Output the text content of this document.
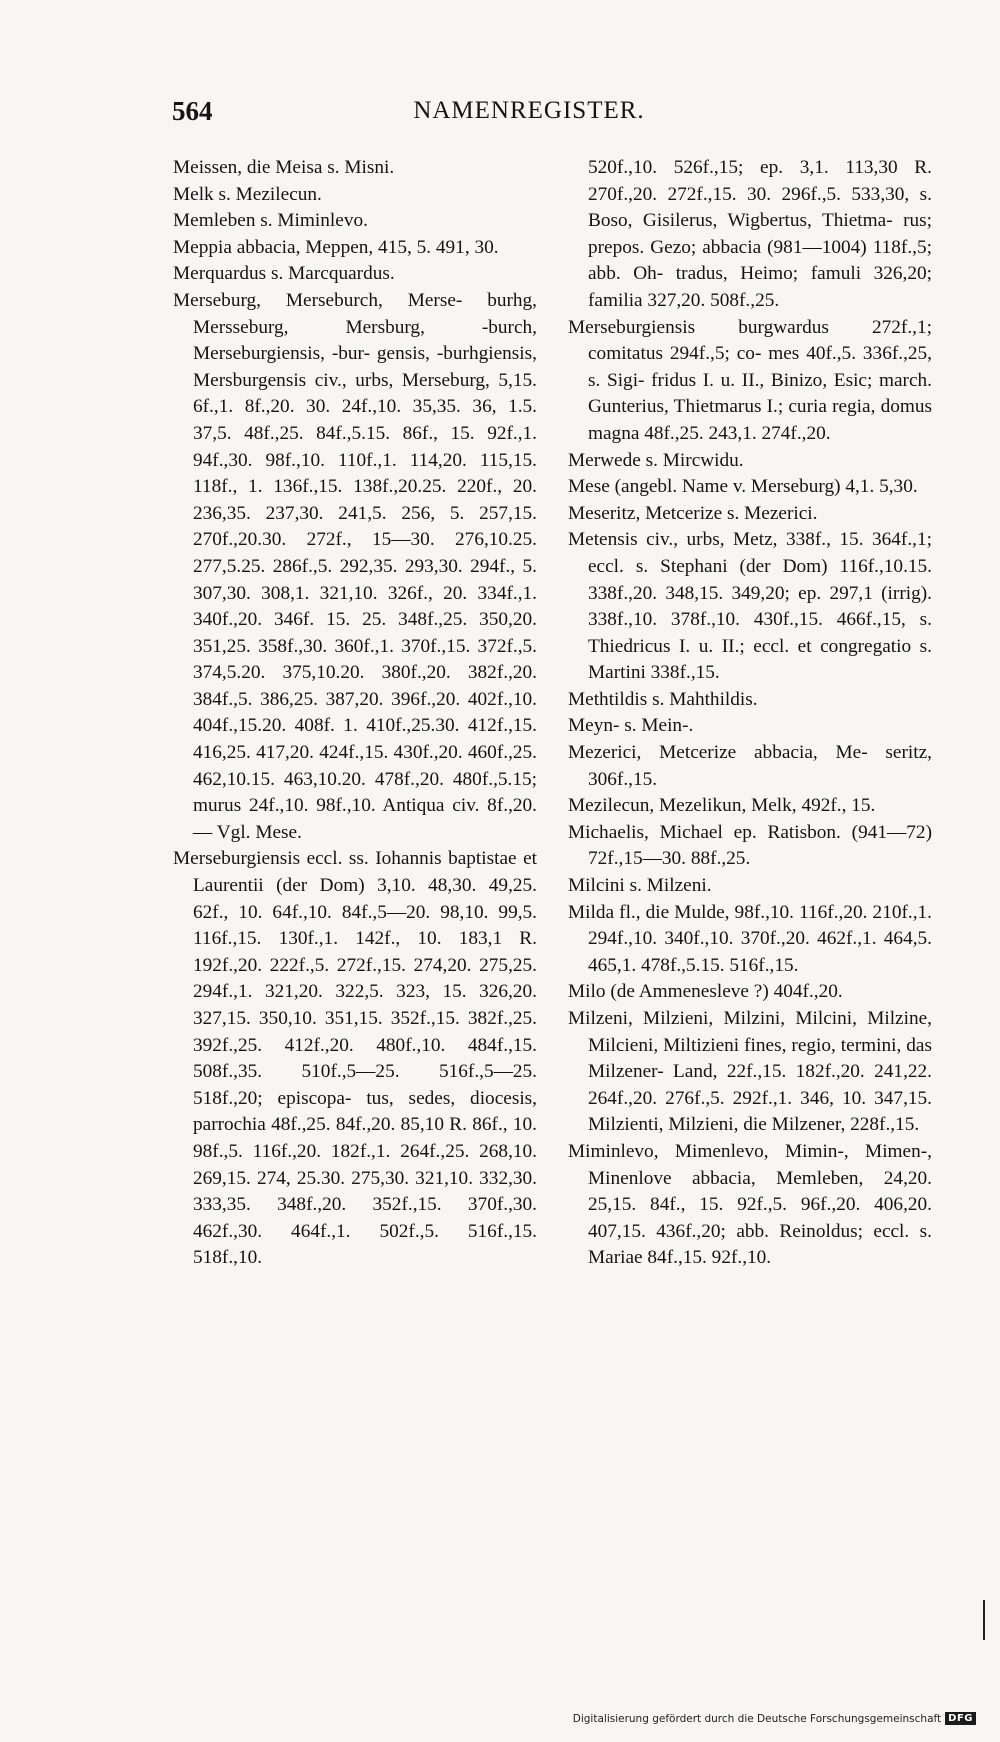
564	NAMENREGISTER.

Meissen, die Meisa s. Misni.

Melk s. Mezilecun.

Memleben s. Miminlevo.

Meppia abbacia, Meppen, 415, 5. 491, 30.

Merquardus s. Marcquardus.

Merseburg, Merseburch, Merse- burhg, Mersseburg, Mersburg, -burch, Merseburgiensis, -bur- gensis, -burhgiensis, Mersburgensis civ., urbs, Merseburg, 5,15. 6f.,1. 8f.,20. 30. 24f.,10. 35,35. 36, 1.5. 37,5. 48f.,25. 84f.,5.15. 86f., 15. 92f.,1. 94f.,30. 98f.,10. 110f.,1. 114,20. 115,15. 118f., 1. 136f.,15. 138f.,20.25. 220f., 20. 236,35. 237,30. 241,5. 256, 5. 257,15. 270f.,20.30. 272f., 15—30. 276,10.25. 277,5.25. 286f.,5. 292,35. 293,30. 294f., 5. 307,30. 308,1. 321,10. 326f., 20. 334f.,1. 340f.,20. 346f. 15. 25. 348f.,25. 350,20. 351,25. 358f.,30. 360f.,1. 370f.,15. 372f.,5. 374,5.20. 375,10.20. 380f.,20. 382f.,20. 384f.,5. 386,25. 387,20. 396f.,20. 402f.,10. 404f.,15.20. 408f. 1. 410f.,25.30. 412f.,15. 416,25. 417,20. 424f.,15. 430f.,20. 460f.,25. 462,10.15. 463,10.20. 478f.,20. 480f.,5.15; murus 24f.,10. 98f.,10. Antiqua civ. 8f.,20. — Vgl. Mese.

Merseburgiensis eccl. ss. Iohannis baptistae et Laurentii (der Dom) 3,10. 48,30. 49,25. 62f., 10. 64f.,10. 84f.,5—20. 98,10. 99,5. 116f.,15. 130f.,1. 142f., 10. 183,1 R. 192f.,20. 222f.,5. 272f.,15. 274,20. 275,25. 294f.,1. 321,20. 322,5. 323, 15. 326,20. 327,15. 350,10. 351,15. 352f.,15. 382f.,25. 392f.,25. 412f.,20. 480f.,10. 484f.,15. 508f.,35. 510f.,5—25. 516f.,5—25. 518f.,20; episcopa- tus, sedes, diocesis, parrochia 48f.,25. 84f.,20. 85,10 R. 86f., 10. 98f.,5. 116f.,20. 182f.,1. 264f.,25. 268,10. 269,15. 274, 25.30. 275,30. 321,10. 332,30. 333,35. 348f.,20. 352f.,15. 370f.,30. 462f.,30. 464f.,1. 502f.,5. 516f.,15. 518f.,10.

520f.,10. 526f.,15; ep. 3,1. 113,30 R. 270f.,20. 272f.,15. 30. 296f.,5. 533,30, s. Boso, Gisilerus, Wigbertus, Thietma- rus; prepos. Gezo; abbacia (981—1004) 118f.,5; abb. Oh- tradus, Heimo; famuli 326,20; familia 327,20. 508f.,25.

Merseburgiensis burgwardus 272f.,1; comitatus 294f.,5; co- mes 40f.,5. 336f.,25, s. Sigi- fridus I. u. II., Binizo, Esic; march. Gunterius, Thietmarus I.; curia regia, domus magna 48f.,25. 243,1. 274f.,20.

Merwede s. Mircwidu.

Mese (angebl. Name v. Merseburg) 4,1. 5,30.

Meseritz, Metcerize s. Mezerici.

Metensis civ., urbs, Metz, 338f., 15. 364f.,1; eccl. s. Stephani (der Dom) 116f.,10.15. 338f.,20. 348,15. 349,20; ep. 297,1 (irrig). 338f.,10. 378f.,10. 430f.,15. 466f.,15, s. Thiedricus I. u. II.; eccl. et congregatio s. Martini 338f.,15.

Methtildis s. Mahthildis.

Meyn- s. Mein-.

Mezerici, Metcerize abbacia, Me- seritz, 306f.,15.

Mezilecun, Mezelikun, Melk, 492f., 15.

Michaelis, Michael ep. Ratisbon. (941—72) 72f.,15—30. 88f.,25.

Milcini s. Milzeni.

Milda fl., die Mulde, 98f.,10. 116f.,20. 210f.,1. 294f.,10. 340f.,10. 370f.,20. 462f.,1. 464,5. 465,1. 478f.,5.15. 516f.,15.

Milo (de Ammenesleve ?) 404f.,20.

Milzeni, Milzieni, Milzini, Milcini, Milzine, Milcieni, Miltizieni fines, regio, termini, das Milzener- Land, 22f.,15. 182f.,20. 241,22. 264f.,20. 276f.,5. 292f.,1. 346, 10. 347,15. Milzienti, Milzieni, die Milzener, 228f.,15.

Miminlevo, Mimenlevo, Mimin-, Mimen-, Minenlove abbacia, Memleben, 24,20. 25,15. 84f., 15. 92f.,5. 96f.,20. 406,20. 407,15. 436f.,20; abb. Reinoldus; eccl. s. Mariae 84f.,15. 92f.,10.

Digitalisierung gefördert durch die Deutsche Forschungsgemeinschaft DFG
